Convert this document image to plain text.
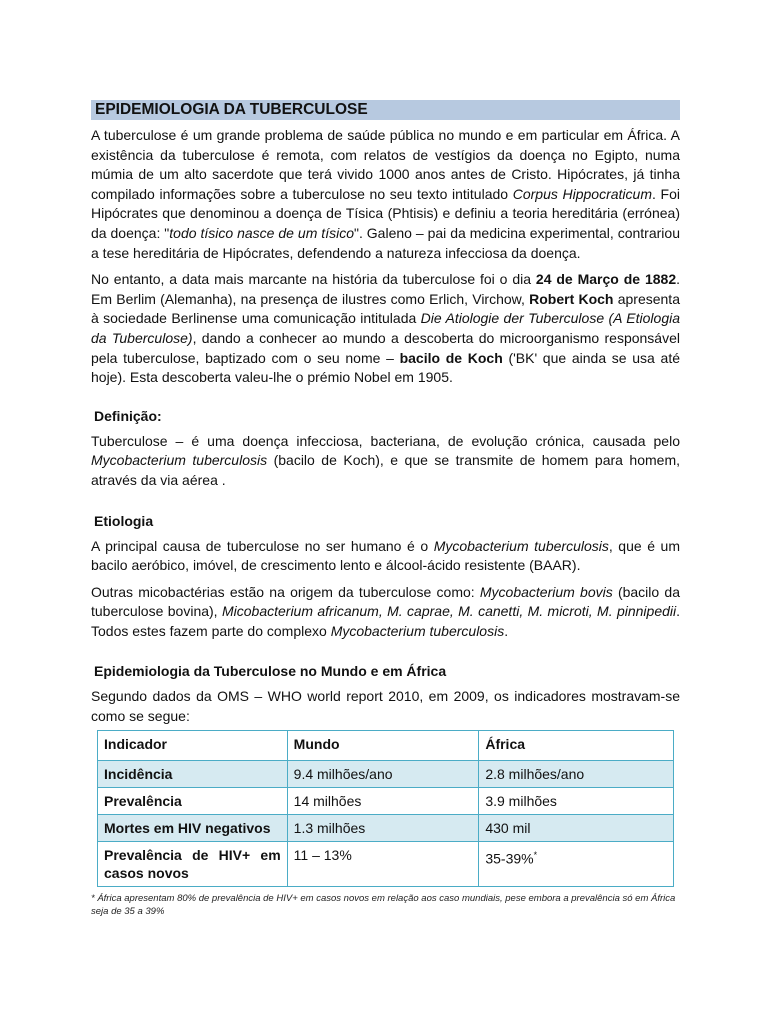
EPIDEMIOLOGIA DA TUBERCULOSE

A tuberculose é um grande problema de saúde pública no mundo e em particular em África. A existência da tuberculose é remota, com relatos de vestígios da doença no Egipto, numa múmia de um alto sacerdote que terá vivido 1000 anos antes de Cristo. Hipócrates, já tinha compilado informações sobre a tuberculose no seu texto intitulado Corpus Hippocraticum. Foi Hipócrates que denominou a doença de Tísica (Phtisis) e definiu a teoria hereditária (errónea) da doença: "todo tísico nasce de um tísico". Galeno – pai da medicina experimental, contrariou a tese hereditária de Hipócrates, defendendo a natureza infecciosa da doença.

No entanto, a data mais marcante na história da tuberculose foi o dia 24 de Março de 1882. Em Berlim (Alemanha), na presença de ilustres como Erlich, Virchow, Robert Koch apresenta à sociedade Berlinense uma comunicação intitulada Die Atiologie der Tuberculose (A Etiologia da Tuberculose), dando a conhecer ao mundo a descoberta do microorganismo responsável pela tuberculose, baptizado com o seu nome – bacilo de Koch ('BK' que ainda se usa até hoje). Esta descoberta valeu-lhe o prémio Nobel em 1905.

Definição:

Tuberculose – é uma doença infecciosa, bacteriana, de evolução crónica, causada pelo Mycobacterium tuberculosis (bacilo de Koch), e que se transmite de homem para homem, através da via aérea .

Etiologia

A principal causa de tuberculose no ser humano é o Mycobacterium tuberculosis, que é um bacilo aeróbico, imóvel, de crescimento lento e álcool-ácido resistente (BAAR).

Outras micobactérias estão na origem da tuberculose como: Mycobacterium bovis (bacilo da tuberculose bovina), Micobacterium africanum, M. caprae, M. canetti, M. microti, M. pinnipedii. Todos estes fazem parte do complexo Mycobacterium tuberculosis.

Epidemiologia da Tuberculose no Mundo e em África

Segundo dados da OMS – WHO world report 2010, em 2009, os indicadores mostravam-se como se segue:

Indicador	Mundo	África
Incidência	9.4 milhões/ano	2.8 milhões/ano
Prevalência	14 milhões	3.9 milhões
Mortes em HIV negativos	1.3 milhões	430 mil
Prevalência de HIV+ em casos novos	11 – 13%	35-39%*
* África apresentam 80% de prevalência de HIV+ em casos novos em relação aos caso mundiais, pese embora a prevalência só em África seja de 35 a 39%
